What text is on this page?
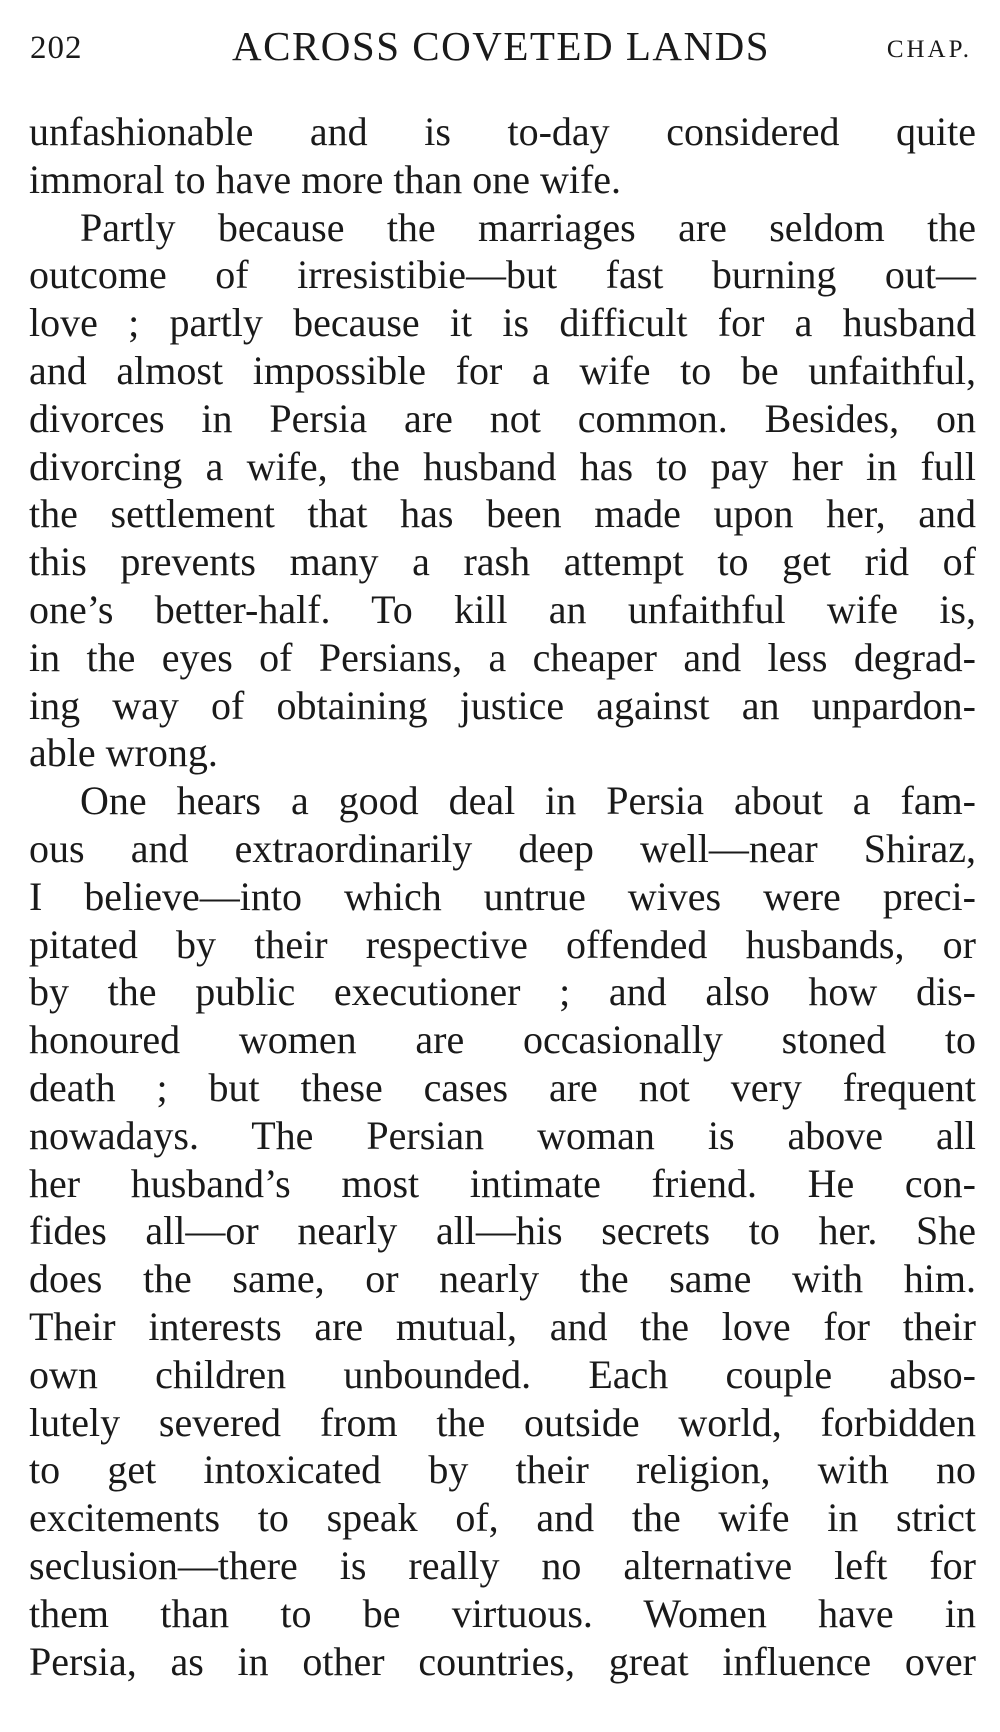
202	ACROSS COVETED LANDS	CHAP.
unfashionable and is to-day considered quite
immoral to have more than one wife.
Partly because the marriages are seldom the
outcome of irresistibie—but fast burning out—
love ; partly because it is difficult for a husband
and almost impossible for a wife to be unfaithful,
divorces in Persia are not common. Besides, on
divorcing a wife, the husband has to pay her in full
the settlement that has been made upon her, and
this prevents many a rash attempt to get rid of
one’s better-half. To kill an unfaithful wife is,
in the eyes of Persians, a cheaper and less degrad-
ing way of obtaining justice against an unpardon-
able wrong.
One hears a good deal in Persia about a fam-
ous and extraordinarily deep well—near Shiraz,
I believe—into which untrue wives were preci-
pitated by their respective offended husbands, or
by the public executioner ; and also how dis-
honoured women are occasionally stoned to
death ; but these cases are not very frequent
nowadays. The Persian woman is above all
her husband’s most intimate friend. He con-
fides all—or nearly all—his secrets to her. She
does the same, or nearly the same with him.
Their interests are mutual, and the love for their
own children unbounded. Each couple abso-
lutely severed from the outside world, forbidden
to get intoxicated by their religion, with no
excitements to speak of, and the wife in strict
seclusion—there is really no alternative left for
them than to be virtuous. Women have in
Persia, as in other countries, great influence over
